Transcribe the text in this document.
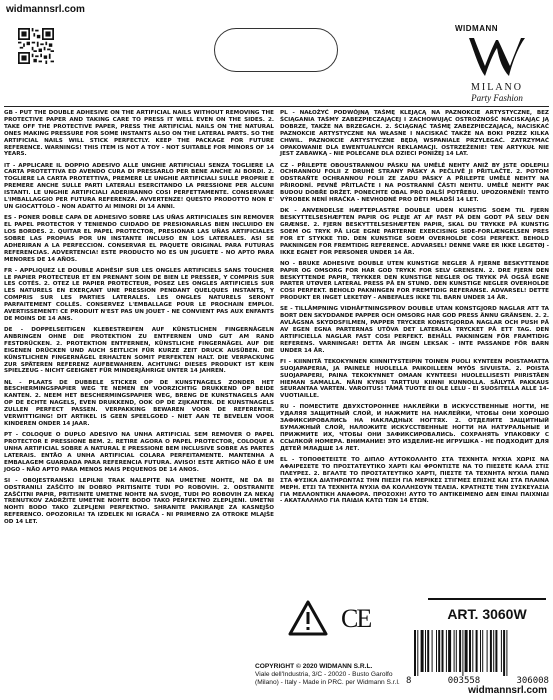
widmannsrl.com
WIDMANN
MILANO
Party Fashion

GB - PUT THE DOUBLE ADHESIVE ON THE ARTIFICIAL NAILS WITHOUT REMOVING THE PROTECTIVE PAPER AND TAKING CARE TO PRESS IT WELL EVEN ON THE SIDES. 2. TAKE OFF THE PROTECTIVE PAPER, PRESS THE ARTIFICIAL NAILS ON THE NATURAL ONES MAKING PRESSURE FOR SOME INSTANTS ALSO ON THE LATERAL PARTS. SO THE ARTIFICIAL NAILS WILL STICK PERFECTLY. KEEP THE PACKAGE FOR FUTURE REFERENCE. WARNINGS! THIS ITEM IS NOT A TOY - NOT SUITABLE FOR MINORS OF 14 YEARS.

IT - APPLICARE IL DOPPIO ADESIVO ALLE UNGHIE ARTIFICIALI SENZA TOGLIERE LA CARTA PROTETTIVA ED AVENDO CURA DI PRESSARLO PER BENE ANCHE AI BORDI. 2. TOGLIERE LA CARTA PROTETTIVA, PREMERE LE UNGHIE ARTIFICIALI SULLE PROPRIE E PREMERE ANCHE SULLE PARTI LATERALI ESERCITANDO LA PRESSIONE PER ALCUNI ISTANTI. LE UNGHIE ARTIFICIALI ADERIRANNO COSI PERFETTAMENTE. CONSERVARE L'IMBALLAGGIO PER FUTURA REFERENZA. AVVERTENZE! QUESTO PRODOTTO NON E' UN GIOCATTOLO - NON ADATTO AI MINORI DI 14 ANNI.

ES - PONER DOBLE CAPA DE ADHESIVO SOBRE LAS UÑAS ARTIFICIALES SIN REMOVER EL PAPEL PROTECTOR Y TENIENDO CUIDADO DE PRESIONARLAS BIEN INCLUIDO EN LOS BORDES. 2. QUITAR EL PAPEL PROTECTOR, PRESIONAR LAS UÑAS ARTIFICIALES SOBRE LAS PROPIAS POR UN INSTANTE INCLUSO EN LOS LATERALES. ASI SE ADHERIRAN A LA PERFECCION. CONSERVAR EL PAQUETE ORIGINAL PARA FUTURAS REFERENCIAS. ADVERTENCIA! ESTE PRODUCTO NO ES UN JUGUETE - NO APTO PARA MENORES DE 14 AÑOS.

FR - APPLIQUEZ LE DOUBLE ADHÉSIF SUR LES ONGLES ARTIFICIELS SANS TOUCHER LE PAPIER PROTECTEUR ET EN PRENANT SOIN DE BIEN LE PRESSER, Y COMPRIS SUR LES COTÉS. 2. OTEZ LE PAPIER PROTECTEUR, POSEZ LES ONGLES ARTIFICIELS SUR LES NATURELS EN EXERÇANT UNE PRESSION PENDANT QUELQUES INSTANTS, Y COMPRIS SUR LES PARTIES LATERALES. LES ONGLES NATURELS SERONT PARFAITEMENT COLLÉS. CONSERVEZ L'EMBALLAGE POUR LE PROCHAIN EMPLOI. AVERTISSEMENT! CE PRODUIT N'EST PAS UN JOUET - NE CONVIENT PAS AUX ENFANTS DE MOINS DE 14 ANS.

DE - DOPPELSEITIGEN KLEBESTREIFEN AUF KÜNSTLICHEN FINGERNÄGELN ANBRINGEN OHNE DIE PROTEKTION ZU ENTFERNEN UND GUT AM RAND FESTDRÜCKEN. 2. PROTEKTION ENTFERNEN, KÜNSTLICHE FINGERNÄGEL AUF DIE EIGENEN DRÜCKEN UND AUCH SEITLICH FÜR KURZE ZEIT DRUCK AUSÜBEN. DIE KÜNSTLICHEN FINGERNÄGEL ERHALTEN SOMIT PERFEKTEN HALT. DIE VERPACKUNG ZUR SPÄTEREN REFERENZ AUFBEWAHREN. ACHTUNG! DIESES PRODUKT IST KEIN SPIELZEUG - NICHT GEEIGNET FÜR MINDERJÄHRIGE UNTER 14 JAHREN.

NL - PLAATS DE DUBBELE STICKER OP DE KUNSTNAGELS ZONDER HET BESCHERMINGSPAPIER WEG TE NEMEN EN VOORZICHTIG DRUKKEND OP BEIDE KANTEN. 2. NEEM HET BESCHERMINGSPAPIER WEG, BRENG DE KUNSTNAGELS AAN OP DE ECHTE NAGELS, EVEN DRUKKEND, OOK OP DE ZIJKANTEN. DE KUNSTNAGELS ZULLEN PERFECT PASSEN. VERPAKKING BEWAREN VOOR DE REFERENTIE. VERWITTIGING! DIT ARTIKEL IS GEEN SPEELGOED - NIET AAN TE BEVELEN VOOR KINDEREN ONDER 14 JAAR.

PT - COLOQUE O DUPLO ADESIVO NA UNHA ARTIFICIAL SEM REMOVER O PAPEL PROTECTOR E PRESSIONE BEM. 2. RETIRE AGORA O PAPEL PROTECTOR, COLOQUE A UNHA ARTIFICIAL SOBRE A NATURAL E PRESSIONE BEM INCLUSIVE SOBRE AS PARTES LATERAIS. ENTÃO A UNHA ARTIFICIAL COLARA PERFEITAMENTE. MANTENHA A EMBALAGEM GUARDADA PARA REFERENCIA FUTURA. AVISO! ESTE ARTIGO NÃO É UM JOGO - NÃO APTO PARA MENOS MAIS PEQUENOS DE 14 ANOS.

SI - OBOJESTRANSKI LEPILNI TRAK NALEPITE NA UMETNE NOHTE, NE DA BI ODSTRANILI ZAŠČITO IN DOBRO PRITISNITE TUDI PO ROBOVIH. 2. ODSTRANITE ZAŠČITNI PAPIR, PRITISNITE UMETNE NOHTE NA SVOJE, TUDI PO ROBOVIH ZA NEKAJ TRENUTKOV ZADRŽITE UMETNE NOHTE BODO TAKO PERFEKTNO ZLEPLJENI. UMETNI NOHTI BODO TAKO ZLEPLJENI PERFEKTNO. SHRANITE PAKIRANJE ZA KASNEJŠO REFERENCO. OPOZORILA! TA IZDELEK NI IGRAČA - NI PRIMERNO ZA OTROKE MLAJŠE OD 14 LET.

PL - NAŁOŻYĆ PODWÓJNĄ TAŚMĘ KLEJĄCĄ NA PAZNOKCIE ARTYSTYCZNE, BEZ ŚCIĄGANIA TAŚMY ZABEZPIECZAJĄCEJ I ZACHOWUJĄC OSTROŻNOŚĆ NACISKAJĄC JĄ DOBRZE, TAKŻE NA BRZEGACH. 2. ŚCIĄGNĄĆ TAŚMĘ ZABEZPIECZAJĄCĄ, NACISKAĆ PAZNOKCIE ARTYSTYCZNE NA WŁASNE I NACISKAĆ TAKŻE NA BOKI PRZEZ KILKA CHWIL. PAZNOKCIE ARTYSTYCZNE BĘDĄ WSPANIALE PRZYLEGAĆ. ZATRZYMAĆ OPAKOWANIE DLA EWENTUALNYCH REKLAMACJI. OSTRZEŻENIE! TEN ARTYKUŁ NIE JEST ZABAWKĄ - NIE POLECANE DLA DZIECI PONIŻEJ 14 LAT.

CZ - PŘILEPTE OBOUSTRANNOU PÁSKU NA UMĚLÉ NEHTY ANIŽ BY JSTE ODLEPILI OCHRANNOU FOLII Z DRUHÉ STRANY PÁSKY A PEČLIVĚ JI PŘITLAČTE. 2. POTOM ODSTRAŇTE OCHRANNOU FOLII ZE ZADU PÁSKY A PŘILEPTE UMĚLÉ NEHTY NA PŘIRODNÍ. PEVNĚ PŘITLAČTE I NA POSTRANNÍ ČÁSTI NEHTU. UMĚLÉ NEHTY PAK BUDOU DOBŘE DRŽET. PONECHTE OBAL PRO DALŠÍ POTŘEBU. UPOZORNĚNÍ! TENTO VÝROBEK NENÍ HRAČKA - NEVHODNÉ PRO DĚTI MLADŠÍ 14 LET.

DK - ANVENDELSE HÆFTEPLASTRE DOUBLE UDEN KUNSTIG SOEM TIL FJERN BESKYTTELSESHÆFTEN PAPIR OG PLEJE AT AF FAST PÅ DEN GODT PÅ SELV DEN GRÆNSE. 2. FJERN BESKYTTELSESHÆFTEN PAPIR, SKAL DU TRYKKE PÅ KUNSTIG SOEM OG TRYK PÅ LIGE EGNE PARTERNE EXERCISING SIDE-FORLÆNGELSEN PRES FOR ET STYKKE TID. DEN KUNSTIGE SOEM OVERHOLDE COSI PERFEKT. BEHOLD PAKNINGEN FOR FREMTIDIG REFERENCE. ADVARSEL! DENNE VARE ER IKKE LEGETØJ - IKKE EGNET FOR PERSONER UNDER 14 ÅR.

NO - BRUKE ADHESIVE DOUBLE UTEN KUNSTIGE NEGLER Å FJERNE BESKYTTENDE PAPIR OG OMSORG FOR HAR GOD TRYKK FOR SELV GRENSEN. 2. DRE FJERN DEN BESKYTTENDE PAPIR, TRYKKER DEN KUNSTIGE NEGLER OG TRYKK PÅ OGSÅ EGNE PARTER UTØVER LATERAL PRESS PÅ EN STUND. DEN KUNSTIGE NEGLER OVERHOLDE COSI PERFEKT. BEHOLD PAKNINGEN FOR FREMTIDIG REFERANSE. ADVARSEL! DETTE PRODUKT ER INGET LEKETØY - ANBEFALES IKKE TIL BARN UNDER 14 ÅR.

SE - TILLÄMPNING VIDHÄFTNINGSPROV DOUBLE UTAN KONSTGJORD NAGLAR ATT TA BORT DEN SKYDDANDE PAPPER OCH OMSORG HAR GOD PRESS ÄNNU GRÄNSEN. 2. 2. AVLÄGSNA SKYDDSFILMEN, PAPPER TRYCKER KONSTGJORDA NAGLAR OCH PUSH PÅ AV EGEN EGNA PARTERNAS UTÖVA DET LATERALA TRYCKET PÅ ETT TAG. DEN ARTIFICIELLA NAGLAR FAST COSI PERFEKT. BEHÅLL PAKNINGEN FÖR FRAMTIDIG REFERENS. VARNINGAR! DETTA ÄR INGEN LEKSAK - INTE PASSANDE FÖR BARN UNDER 14 ÅR.

FI - KIINNITÄ TEKOKYNNEN KIINNITYSTEIPIN TOINEN PUOLI KYNTEEN POISTAMATTA SUOJAPAPERIA, JA PAINELE HUOLELLA PAIKOILLEEN MYÖS SIVUISTA. 2. POISTA SUOJAPAPERI, PAINA TEKOKYNNET OMAAN KYNTEESI HUOLELLISESTI PIIRISTÄEN HIEMAN SAMALLA. NÄIN KYNSI TARTTUU KIINNI KUNNOLLA. SÄILYTÄ PAKKAUS SEURANTAA VARTEN. VAROITUS! TÄMÄ TUOTE EI OLE LELU - EI SUOSITELLA ALLE 14-VUOTIAILLE.

RU - ПОМЕСТИТЕ ДВУХСТОРОННЕЕ НАКЛЕЙКИ В ИСКУССТВЕННЫЕ НОГТИ, НЕ УДАЛЯЯ ЗАЩИТНЫЙ СЛОЙ, И НАЖМИТЕ НА НАКЛЕЙКИ, ЧТОБЫ ОНИ ХОРОШО ЗАФИКСИРОВАЛИСЬ НА НАКЛАДНЫХ НОГТЯХ. 2. ОТДЕЛИТЕ ЗАЩИТНЫЙ БУМАЖНЫЙ СЛОЙ, НАЛОЖИТЕ ИСКУССТВЕННЫЕ НОГТИ НА НАТУРАЛЬНЫЕ И ПРИЖМИТЕ ИХ, ЧТОБЫ ОНИ ЗАФИКСИРОВАЛИСЬ. СОХРАНЯТЬ УПАКОВКУ С ССЫЛКОЙ НОМЕРА. ВНИМАНИЕ! ЭТО ИЗДЕЛИЕ-НЕ ИГРУШКА - НЕ ПОДХОДИТ ДЛЯ ДЕТЕЙ МЛАДШЕ 14 ЛЕТ.

EL - ΤΟΠΟΘΕΤΕΙΣΤΕ ΤΟ ΔΙΠΛΟ ΑΥΤΟΚΟΛΛΗΤΟ ΣΤΑ ΤΕΧΝΗΤΑ ΝΥΧΙΑ ΧΩΡΙΣ ΝΑ ΑΦΑΙΡΕΣΕΤΕ ΤΟ ΠΡΟΣΤΑΤΕΥΤΙΚΟ ΧΑΡΤΙ ΚΑΙ ΦΡΟΝΤΙΣΤΕ ΝΑ ΤΟ ΠΙΕΣΕΤΕ ΚΑΛΑ ΣΤΙΣ ΠΛΕΥΡΕΣ. 2. ΒΓΑΛΤΕ ΤΟ ΠΡΟΣΤΑΤΕΥΤΙΚΟ ΧΑΡΤΙ, ΠΙΕΣΤΕ ΤΑ ΤΕΧΝΗΤΑ ΝΥΧΙΑ ΠΑΝΩ ΣΤΑ ΦΥΣΙΚΑ ΔΙΑΤΗΡΩΝΤΑΣ ΤΗΝ ΠΙΕΣΗ ΓΙΑ ΜΕΡΙΚΕΣ ΣΤΙΓΜΕΣ ΕΠΙΣΗΣ ΚΑΙ ΣΤΑ ΠΛΑΙΝΑ ΜΕΡΗ. ΕΤΣΙ ΤΑ ΤΕΧΝΗΤΑ ΝΥΧΙΑ ΘΑ ΚΟΛΛΗΣΟΥΝ ΤΕΛΕΙΑ. ΚΡΑΤΗΣΤΕ ΤΗΝ ΣΥΣΚΕΥΑΣΙΑ ΓΙΑ ΜΕΛΛΟΝΤΙΚΗ ΑΝΑΦΟΡΑ. ΠΡΟΣΟΧΗ! ΑΥΤΟ ΤΟ ΑΝΤΙΚΕΙΜΕΝΟ ΔΕΝ ΕΙΝΑΙ ΠΑΙΧΝΙΔΙ - ΑΚΑΤΑΛΛΗΛΟ ΓΙΑ ΠΑΙΔΙΑ ΚΑΤΩ ΤΩΝ 14 ΕΤΩΝ.

CE
COPYRIGHT © 2020 WIDMANN S.R.L.
Viale dell'Industria, 3/C - 20020 - Busto Garolfo
(Milano) - Italy - Made in PRC. per Widmann S.r.l.
ART. 3060W
8	003558	306008
widmannsrl.com
